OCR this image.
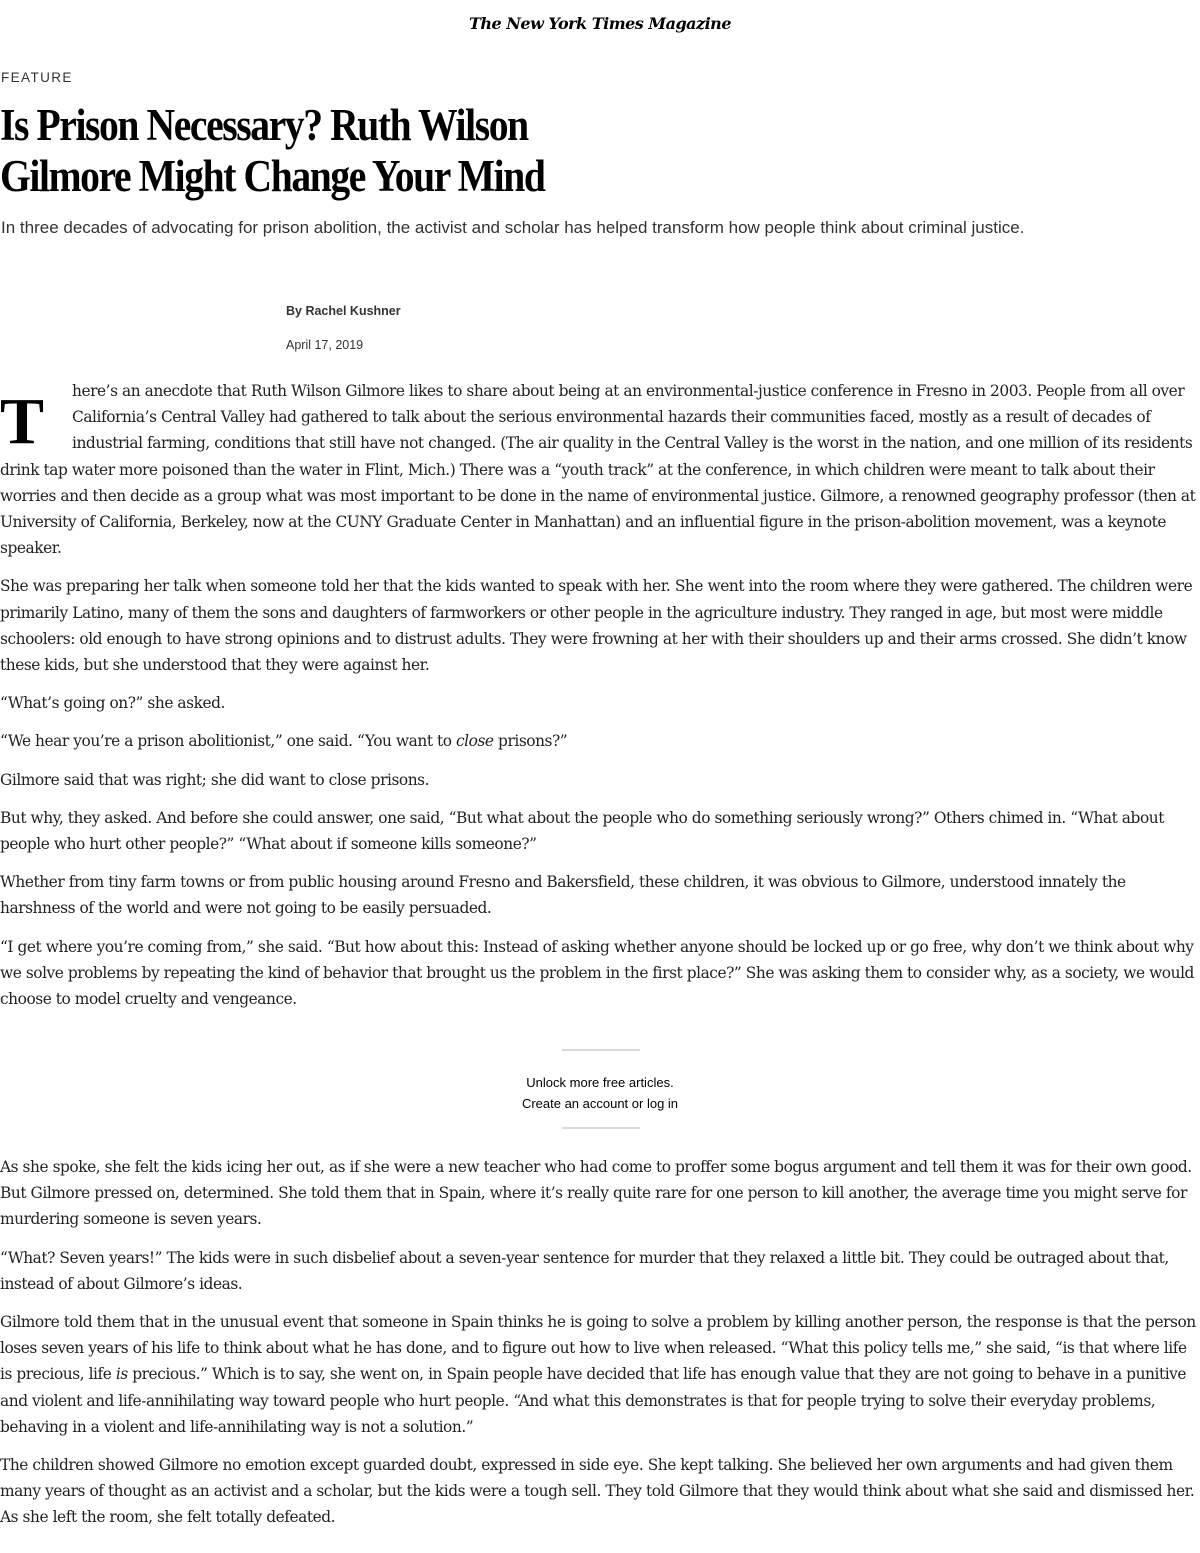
The New York Times Magazine
FEATURE
Is Prison Necessary? Ruth Wilson Gilmore Might Change Your Mind

In three decades of advocating for prison abolition, the activist and scholar has helped transform how people think about criminal justice.

By Rachel Kushner
April 17, 2019

T here’s an anecdote that Ruth Wilson Gilmore likes to share about being at an environmental-justice conference in Fresno in 2003. People from all over California’s Central Valley had gathered to talk about the serious environmental hazards their communities faced, mostly as a result of decades of industrial farming, conditions that still have not changed. (The air quality in the Central Valley is the worst in the nation, and one million of its residents drink tap water more poisoned than the water in Flint, Mich.) There was a “youth track” at the conference, in which children were meant to talk about their worries and then decide as a group what was most important to be done in the name of environmental justice. Gilmore, a renowned geography professor (then at University of California, Berkeley, now at the CUNY Graduate Center in Manhattan) and an influential figure in the prison-abolition movement, was a keynote speaker.

She was preparing her talk when someone told her that the kids wanted to speak with her. She went into the room where they were gathered. The children were primarily Latino, many of them the sons and daughters of farmworkers or other people in the agriculture industry. They ranged in age, but most were middle schoolers: old enough to have strong opinions and to distrust adults. They were frowning at her with their shoulders up and their arms crossed. She didn’t know these kids, but she understood that they were against her.

“What’s going on?” she asked.

“We hear you’re a prison abolitionist,” one said. “You want to close prisons?”

Gilmore said that was right; she did want to close prisons.

But why, they asked. And before she could answer, one said, “But what about the people who do something seriously wrong?” Others chimed in. “What about people who hurt other people?” “What about if someone kills someone?”

Whether from tiny farm towns or from public housing around Fresno and Bakersfield, these children, it was obvious to Gilmore, understood innately the harshness of the world and were not going to be easily persuaded.

“I get where you’re coming from,” she said. “But how about this: Instead of asking whether anyone should be locked up or go free, why don’t we think about why we solve problems by repeating the kind of behavior that brought us the problem in the first place?” She was asking them to consider why, as a society, we would choose to model cruelty and vengeance.

Unlock more free articles.
Create an account or log in

As she spoke, she felt the kids icing her out, as if she were a new teacher who had come to proffer some bogus argument and tell them it was for their own good. But Gilmore pressed on, determined. She told them that in Spain, where it’s really quite rare for one person to kill another, the average time you might serve for murdering someone is seven years.

“What? Seven years!” The kids were in such disbelief about a seven-year sentence for murder that they relaxed a little bit. They could be outraged about that, instead of about Gilmore’s ideas.

Gilmore told them that in the unusual event that someone in Spain thinks he is going to solve a problem by killing another person, the response is that the person loses seven years of his life to think about what he has done, and to figure out how to live when released. “What this policy tells me,” she said, “is that where life is precious, life is precious.” Which is to say, she went on, in Spain people have decided that life has enough value that they are not going to behave in a punitive and violent and life-annihilating way toward people who hurt people. “And what this demonstrates is that for people trying to solve their everyday problems, behaving in a violent and life-annihilating way is not a solution.”

The children showed Gilmore no emotion except guarded doubt, expressed in side eye. She kept talking. She believed her own arguments and had given them many years of thought as an activist and a scholar, but the kids were a tough sell. They told Gilmore that they would think about what she said and dismissed her. As she left the room, she felt totally defeated.
